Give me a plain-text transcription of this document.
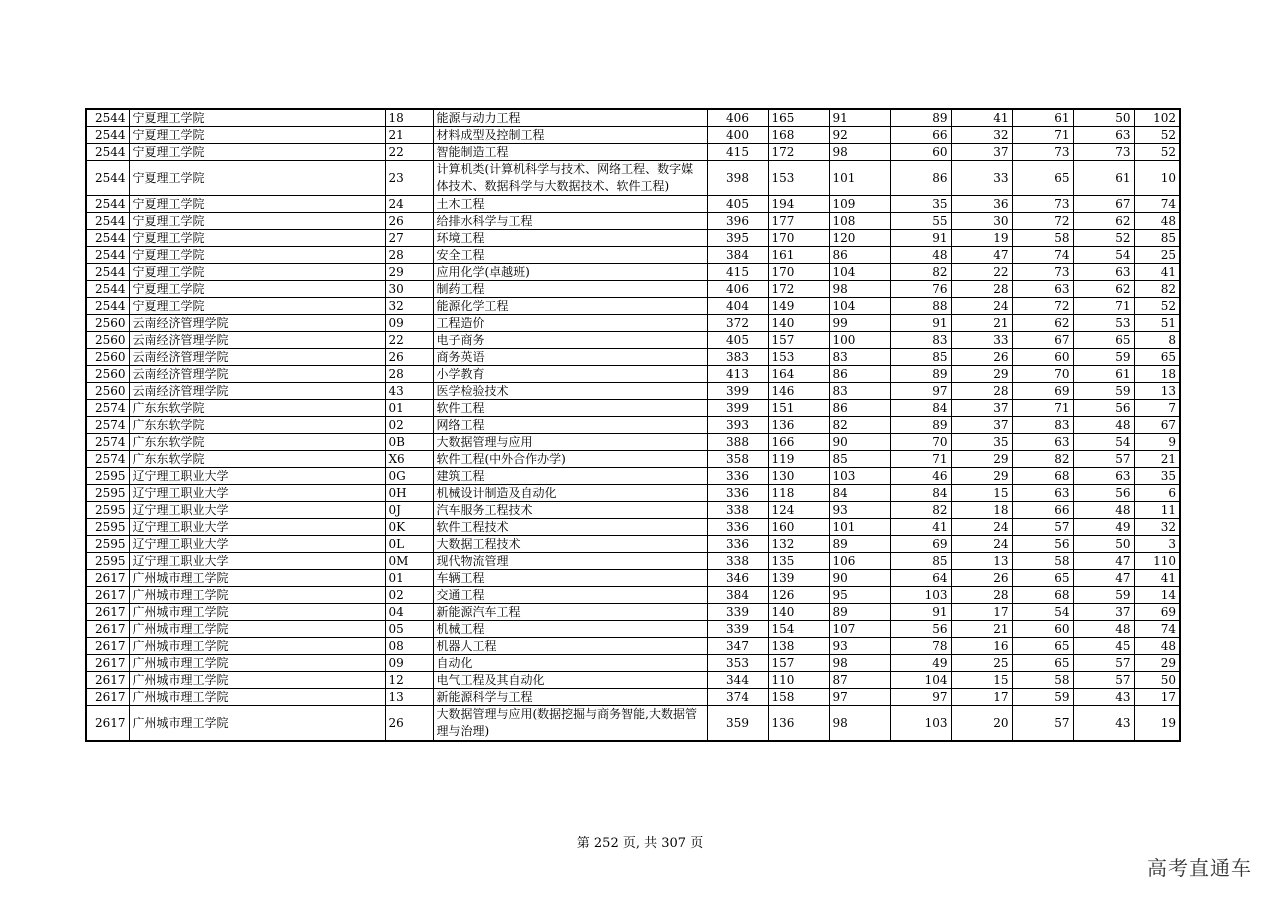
2544	宁夏理工学院	18	能源与动力工程	406	165	91	89	41	61	50	102
2544	宁夏理工学院	21	材料成型及控制工程	400	168	92	66	32	71	63	52
2544	宁夏理工学院	22	智能制造工程	415	172	98	60	37	73	73	52
2544	宁夏理工学院	23	计算机类(计算机科学与技术、网络工程、数字媒体技术、数据科学与大数据技术、软件工程)	398	153	101	86	33	65	61	10
2544	宁夏理工学院	24	土木工程	405	194	109	35	36	73	67	74
2544	宁夏理工学院	26	给排水科学与工程	396	177	108	55	30	72	62	48
2544	宁夏理工学院	27	环境工程	395	170	120	91	19	58	52	85
2544	宁夏理工学院	28	安全工程	384	161	86	48	47	74	54	25
2544	宁夏理工学院	29	应用化学(卓越班)	415	170	104	82	22	73	63	41
2544	宁夏理工学院	30	制药工程	406	172	98	76	28	63	62	82
2544	宁夏理工学院	32	能源化学工程	404	149	104	88	24	72	71	52
2560	云南经济管理学院	09	工程造价	372	140	99	91	21	62	53	51
2560	云南经济管理学院	22	电子商务	405	157	100	83	33	67	65	8
2560	云南经济管理学院	26	商务英语	383	153	83	85	26	60	59	65
2560	云南经济管理学院	28	小学教育	413	164	86	89	29	70	61	18
2560	云南经济管理学院	43	医学检验技术	399	146	83	97	28	69	59	13
2574	广东东软学院	01	软件工程	399	151	86	84	37	71	56	7
2574	广东东软学院	02	网络工程	393	136	82	89	37	83	48	67
2574	广东东软学院	0B	大数据管理与应用	388	166	90	70	35	63	54	9
2574	广东东软学院	X6	软件工程(中外合作办学)	358	119	85	71	29	82	57	21
2595	辽宁理工职业大学	0G	建筑工程	336	130	103	46	29	68	63	35
2595	辽宁理工职业大学	0H	机械设计制造及自动化	336	118	84	84	15	63	56	6
2595	辽宁理工职业大学	0J	汽车服务工程技术	338	124	93	82	18	66	48	11
2595	辽宁理工职业大学	0K	软件工程技术	336	160	101	41	24	57	49	32
2595	辽宁理工职业大学	0L	大数据工程技术	336	132	89	69	24	56	50	3
2595	辽宁理工职业大学	0M	现代物流管理	338	135	106	85	13	58	47	110
2617	广州城市理工学院	01	车辆工程	346	139	90	64	26	65	47	41
2617	广州城市理工学院	02	交通工程	384	126	95	103	28	68	59	14
2617	广州城市理工学院	04	新能源汽车工程	339	140	89	91	17	54	37	69
2617	广州城市理工学院	05	机械工程	339	154	107	56	21	60	48	74
2617	广州城市理工学院	08	机器人工程	347	138	93	78	16	65	45	48
2617	广州城市理工学院	09	自动化	353	157	98	49	25	65	57	29
2617	广州城市理工学院	12	电气工程及其自动化	344	110	87	104	15	58	57	50
2617	广州城市理工学院	13	新能源科学与工程	374	158	97	97	17	59	43	17
2617	广州城市理工学院	26	大数据管理与应用(数据挖掘与商务智能,大数据管理与治理)	359	136	98	103	20	57	43	19
第 252 页, 共 307 页
高考直通车
